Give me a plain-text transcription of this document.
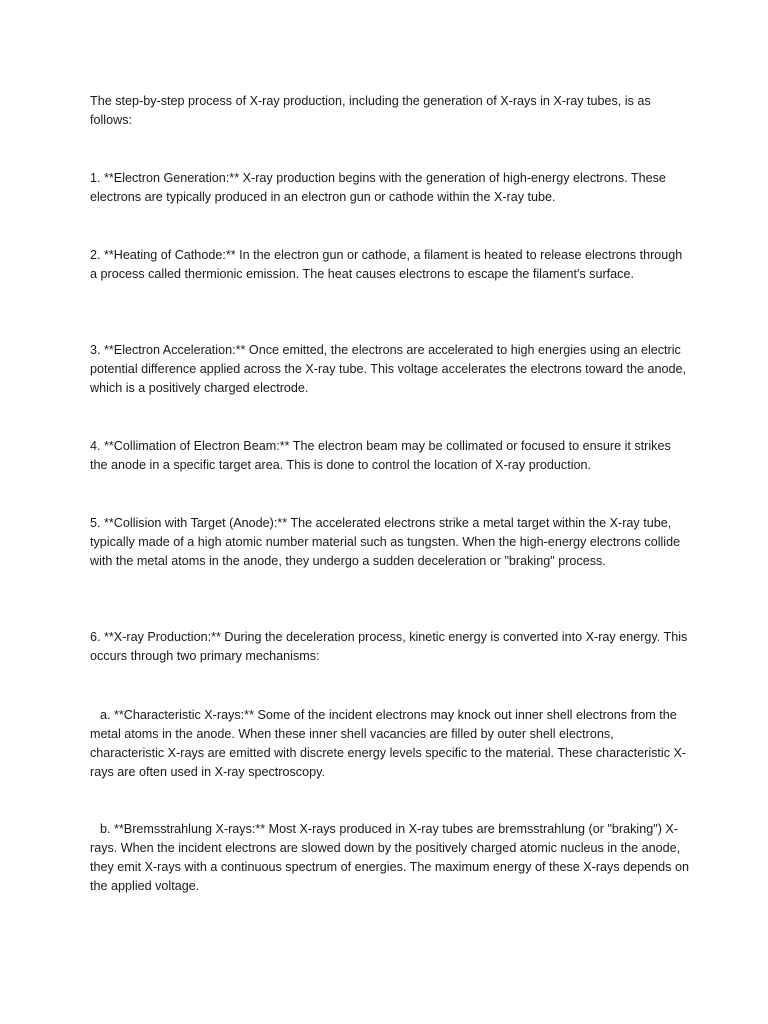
The step-by-step process of X-ray production, including the generation of X-rays in X-ray tubes, is as follows:

1. **Electron Generation:** X-ray production begins with the generation of high-energy electrons. These electrons are typically produced in an electron gun or cathode within the X-ray tube.

2. **Heating of Cathode:** In the electron gun or cathode, a filament is heated to release electrons through a process called thermionic emission. The heat causes electrons to escape the filament's surface.

3. **Electron Acceleration:** Once emitted, the electrons are accelerated to high energies using an electric potential difference applied across the X-ray tube. This voltage accelerates the electrons toward the anode, which is a positively charged electrode.

4. **Collimation of Electron Beam:** The electron beam may be collimated or focused to ensure it strikes the anode in a specific target area. This is done to control the location of X-ray production.

5. **Collision with Target (Anode):** The accelerated electrons strike a metal target within the X-ray tube, typically made of a high atomic number material such as tungsten. When the high-energy electrons collide with the metal atoms in the anode, they undergo a sudden deceleration or "braking" process.

6. **X-ray Production:** During the deceleration process, kinetic energy is converted into X-ray energy. This occurs through two primary mechanisms:

a. **Characteristic X-rays:** Some of the incident electrons may knock out inner shell electrons from the metal atoms in the anode. When these inner shell vacancies are filled by outer shell electrons, characteristic X-rays are emitted with discrete energy levels specific to the material. These characteristic X-rays are often used in X-ray spectroscopy.

b. **Bremsstrahlung X-rays:** Most X-rays produced in X-ray tubes are bremsstrahlung (or "braking") X-rays. When the incident electrons are slowed down by the positively charged atomic nucleus in the anode, they emit X-rays with a continuous spectrum of energies. The maximum energy of these X-rays depends on the applied voltage.
